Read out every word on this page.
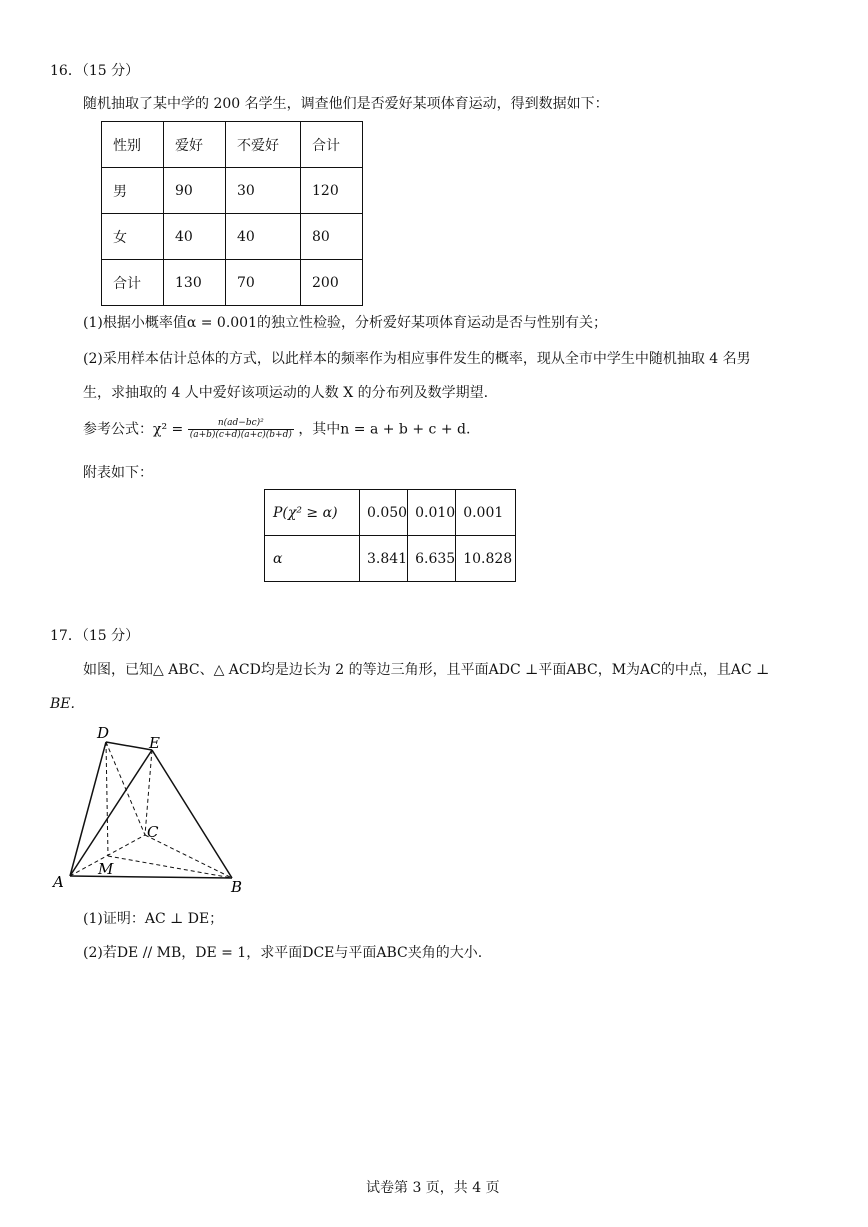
16．（15 分）
随机抽取了某中学的 200 名学生，调查他们是否爱好某项体育运动，得到数据如下：
性别	爱好	不爱好	合计
男	90	30	120
女	40	40	80
合计	130	70	200
(1)根据小概率值α = 0.001的独立性检验，分析爱好某项体育运动是否与性别有关；
(2)采用样本估计总体的方式，以此样本的频率作为相应事件发生的概率，现从全市中学生中随机抽取 4 名男
生，求抽取的 4 人中爱好该项运动的人数 X 的分布列及数学期望.
参考公式：$\chi^2 = \frac{\text{n(ad−bc)²}}{(a+b)(c+d)(a+c)(b+d)}$ ，其中n = a + b + c + d.
附表如下：
P(χ² ≥ α)	0.050	0.010	0.001
α	3.841	6.635	10.828
17．（15 分）
如图，已知△ ABC、△ ACD均是边长为 2 的等边三角形，且平面ADC ⊥平面ABC，M为AC的中点，且AC ⊥
BE.
D
E
C
M
A	B
(1)证明：AC ⊥ DE；
(2)若DE // MB，DE = 1，求平面DCE与平面ABC夹角的大小.
试卷第 3 页，共 4 页
